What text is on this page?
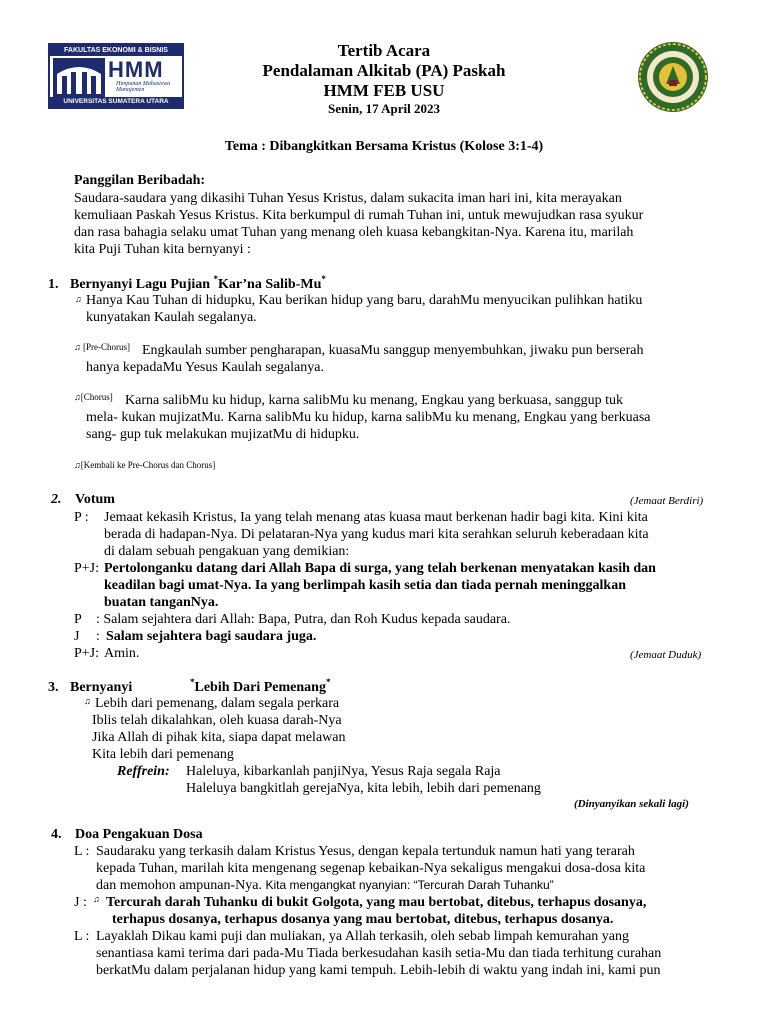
FAKULTAS EKONOMI & BISNIS
HMM
Himpunan Mahasiswa Manajemen
UNIVERSITAS SUMATERA UTARA
Tertib Acara
Pendalaman Alkitab (PA) Paskah
HMM FEB USU
Senin, 17 April 2023
Tema : Dibangkitkan Bersama Kristus (Kolose 3:1-4)
Panggilan Beribadah:
Saudara-saudara yang dikasihi Tuhan Yesus Kristus, dalam sukacita iman hari ini, kita merayakan
kemuliaan Paskah Yesus Kristus. Kita berkumpul di rumah Tuhan ini, untuk mewujudkan rasa syukur
dan rasa bahagia selaku umat Tuhan yang menang oleh kuasa kebangkitan-Nya. Karena itu, marilah
kita Puji Tuhan kita bernyanyi :
1. Bernyanyi Lagu Pujian *Kar’na Salib-Mu*
♫ Hanya Kau Tuhan di hidupku, Kau berikan hidup yang baru, darahMu menyucikan pulihkan hatiku
kunyatakan Kaulah segalanya.
♫ [Pre-Chorus] Engkaulah sumber pengharapan, kuasaMu sanggup menyembuhkan, jiwaku pun berserah
hanya kepadaMu Yesus Kaulah segalanya.
♫[Chorus] Karna salibMu ku hidup, karna salibMu ku menang, Engkau yang berkuasa, sanggup tuk
mela- kukan mujizatMu. Karna salibMu ku hidup, karna salibMu ku menang, Engkau yang berkuasa
sang- gup tuk melakukan mujizatMu di hidupku.
♫[Kembali ke Pre-Chorus dan Chorus]
2. Votum	(Jemaat Berdiri)
P : Jemaat kekasih Kristus, Ia yang telah menang atas kuasa maut berkenan hadir bagi kita. Kini kita
berada di hadapan-Nya. Di pelataran-Nya yang kudus mari kita serahkan seluruh keberadaan kita
di dalam sebuah pengakuan yang demikian:
P+J: Pertolonganku datang dari Allah Bapa di surga, yang telah berkenan menyatakan kasih dan
keadilan bagi umat-Nya. Ia yang berlimpah kasih setia dan tiada pernah meninggalkan
buatan tanganNya.
P : Salam sejahtera dari Allah: Bapa, Putra, dan Roh Kudus kepada saudara.
J : Salam sejahtera bagi saudara juga.
P+J: Amin.	(Jemaat Duduk)
3. Bernyanyi	*Lebih Dari Pemenang*
♫ Lebih dari pemenang, dalam segala perkara
Iblis telah dikalahkan, oleh kuasa darah-Nya
Jika Allah di pihak kita, siapa dapat melawan
Kita lebih dari pemenang
Reffrein: Haleluya, kibarkanlah panjiNya, Yesus Raja segala Raja
Haleluya bangkitlah gerejaNya, kita lebih, lebih dari pemenang
(Dinyanyikan sekali lagi)
4. Doa Pengakuan Dosa
L : Saudaraku yang terkasih dalam Kristus Yesus, dengan kepala tertunduk namun hati yang terarah
kepada Tuhan, marilah kita mengenang segenap kebaikan-Nya sekaligus mengakui dosa-dosa kita
dan memohon ampunan-Nya. Kita mengangkat nyanyian: “Tercurah Darah Tuhanku”
J : ♫ Tercurah darah Tuhanku di bukit Golgota, yang mau bertobat, ditebus, terhapus dosanya,
terhapus dosanya, terhapus dosanya yang mau bertobat, ditebus, terhapus dosanya.
L : Layaklah Dikau kami puji dan muliakan, ya Allah terkasih, oleh sebab limpah kemurahan yang
senantiasa kami terima dari pada-Mu Tiada berkesudahan kasih setia-Mu dan tiada terhitung curahan
berkatMu dalam perjalanan hidup yang kami tempuh. Lebih-lebih di waktu yang indah ini, kami pun
